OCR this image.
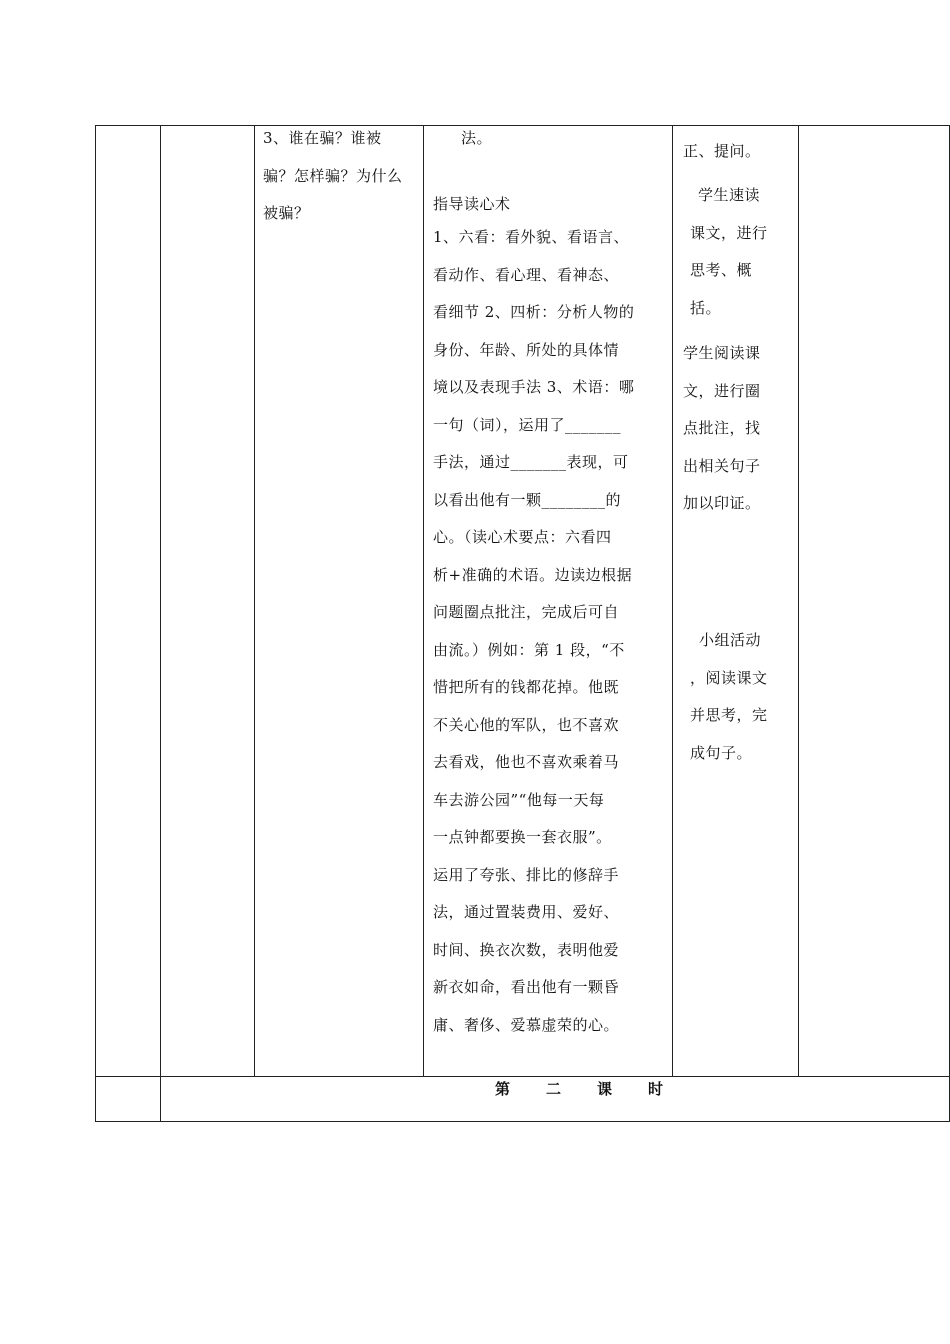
3、谁在骗？谁被
骗？怎样骗？为什么
被骗？
法。
指导读心术
1、六看：看外貌、看语言、
看动作、看心理、看神态、
看细节 2、四析：分析人物的
身份、年龄、所处的具体情
境以及表现手法 3、术语：哪
一句（词），运用了_______
手法，通过_______表现，可
以看出他有一颗________的
心。（读心术要点：六看四
析+准确的术语。边读边根据
问题圈点批注，完成后可自
由流。）例如：第 1 段，“不
惜把所有的钱都花掉。他既
不关心他的军队，也不喜欢
去看戏，他也不喜欢乘着马
车去游公园”“他每一天每
一点钟都要换一套衣服”。
运用了夸张、排比的修辞手
法，通过置装费用、爱好、
时间、换衣次数，表明他爱
新衣如命，看出他有一颗昏
庸、奢侈、爱慕虚荣的心。
正、提问。
学生速读
课文，进行
思考、概
括。
学生阅读课
文，进行圈
点批注，找
出相关句子
加以印证。
小组活动
，阅读课文
并思考，完
成句子。
第 二 课 时
